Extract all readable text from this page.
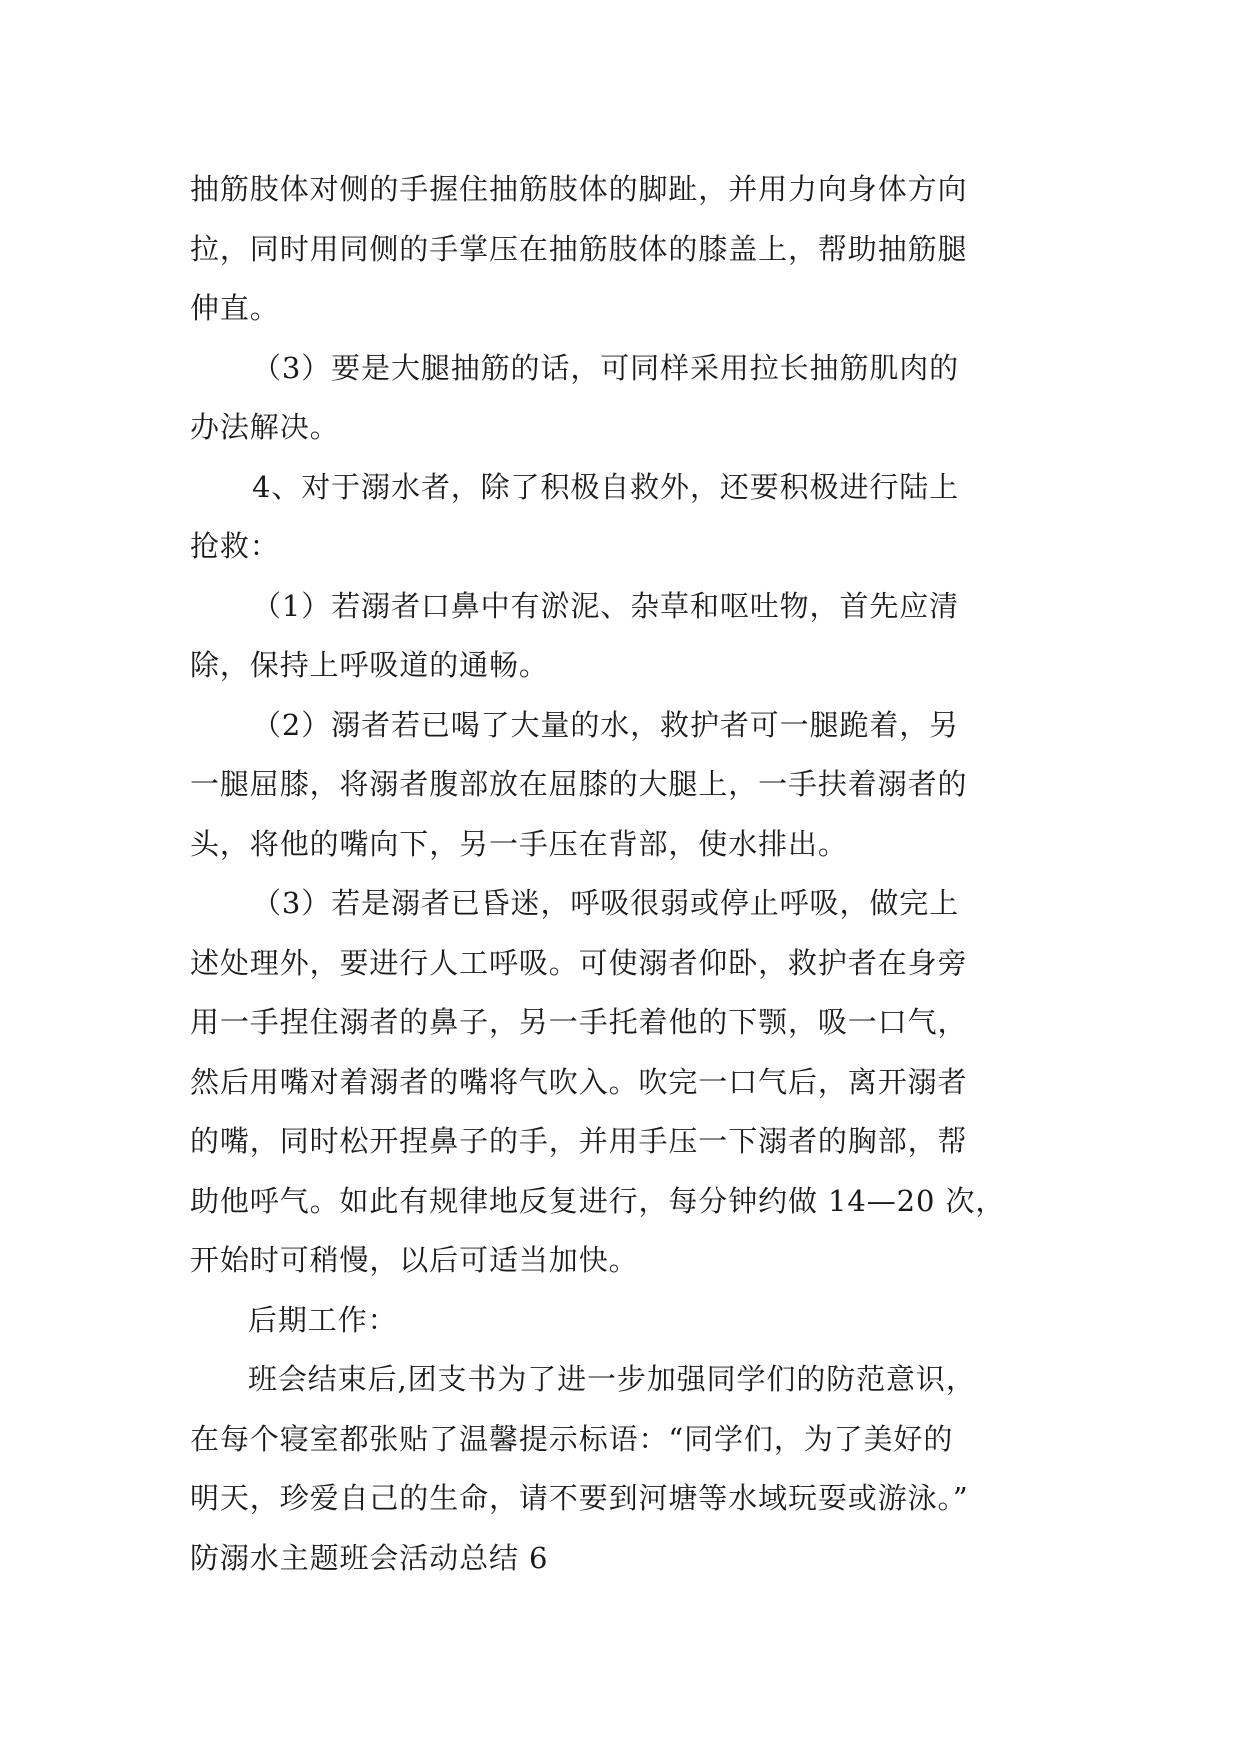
抽筋肢体对侧的手握住抽筋肢体的脚趾，并用力向身体方向
拉，同时用同侧的手掌压在抽筋肢体的膝盖上，帮助抽筋腿
伸直。
（3）要是大腿抽筋的话，可同样采用拉长抽筋肌肉的
办法解决。
4、对于溺水者，除了积极自救外，还要积极进行陆上
抢救：
（1）若溺者口鼻中有淤泥、杂草和呕吐物，首先应清
除，保持上呼吸道的通畅。
（2）溺者若已喝了大量的水，救护者可一腿跪着，另
一腿屈膝，将溺者腹部放在屈膝的大腿上，一手扶着溺者的
头，将他的嘴向下，另一手压在背部，使水排出。
（3）若是溺者已昏迷，呼吸很弱或停止呼吸，做完上
述处理外，要进行人工呼吸。可使溺者仰卧，救护者在身旁
用一手捏住溺者的鼻子，另一手托着他的下颚，吸一口气，
然后用嘴对着溺者的嘴将气吹入。吹完一口气后，离开溺者
的嘴，同时松开捏鼻子的手，并用手压一下溺者的胸部，帮
助他呼气。如此有规律地反复进行，每分钟约做 14—20 次，
开始时可稍慢，以后可适当加快。
后期工作：
班会结束后,团支书为了进一步加强同学们的防范意识，
在每个寝室都张贴了温馨提示标语：“同学们，为了美好的
明天，珍爱自己的生命，请不要到河塘等水域玩耍或游泳。”
防溺水主题班会活动总结 6
